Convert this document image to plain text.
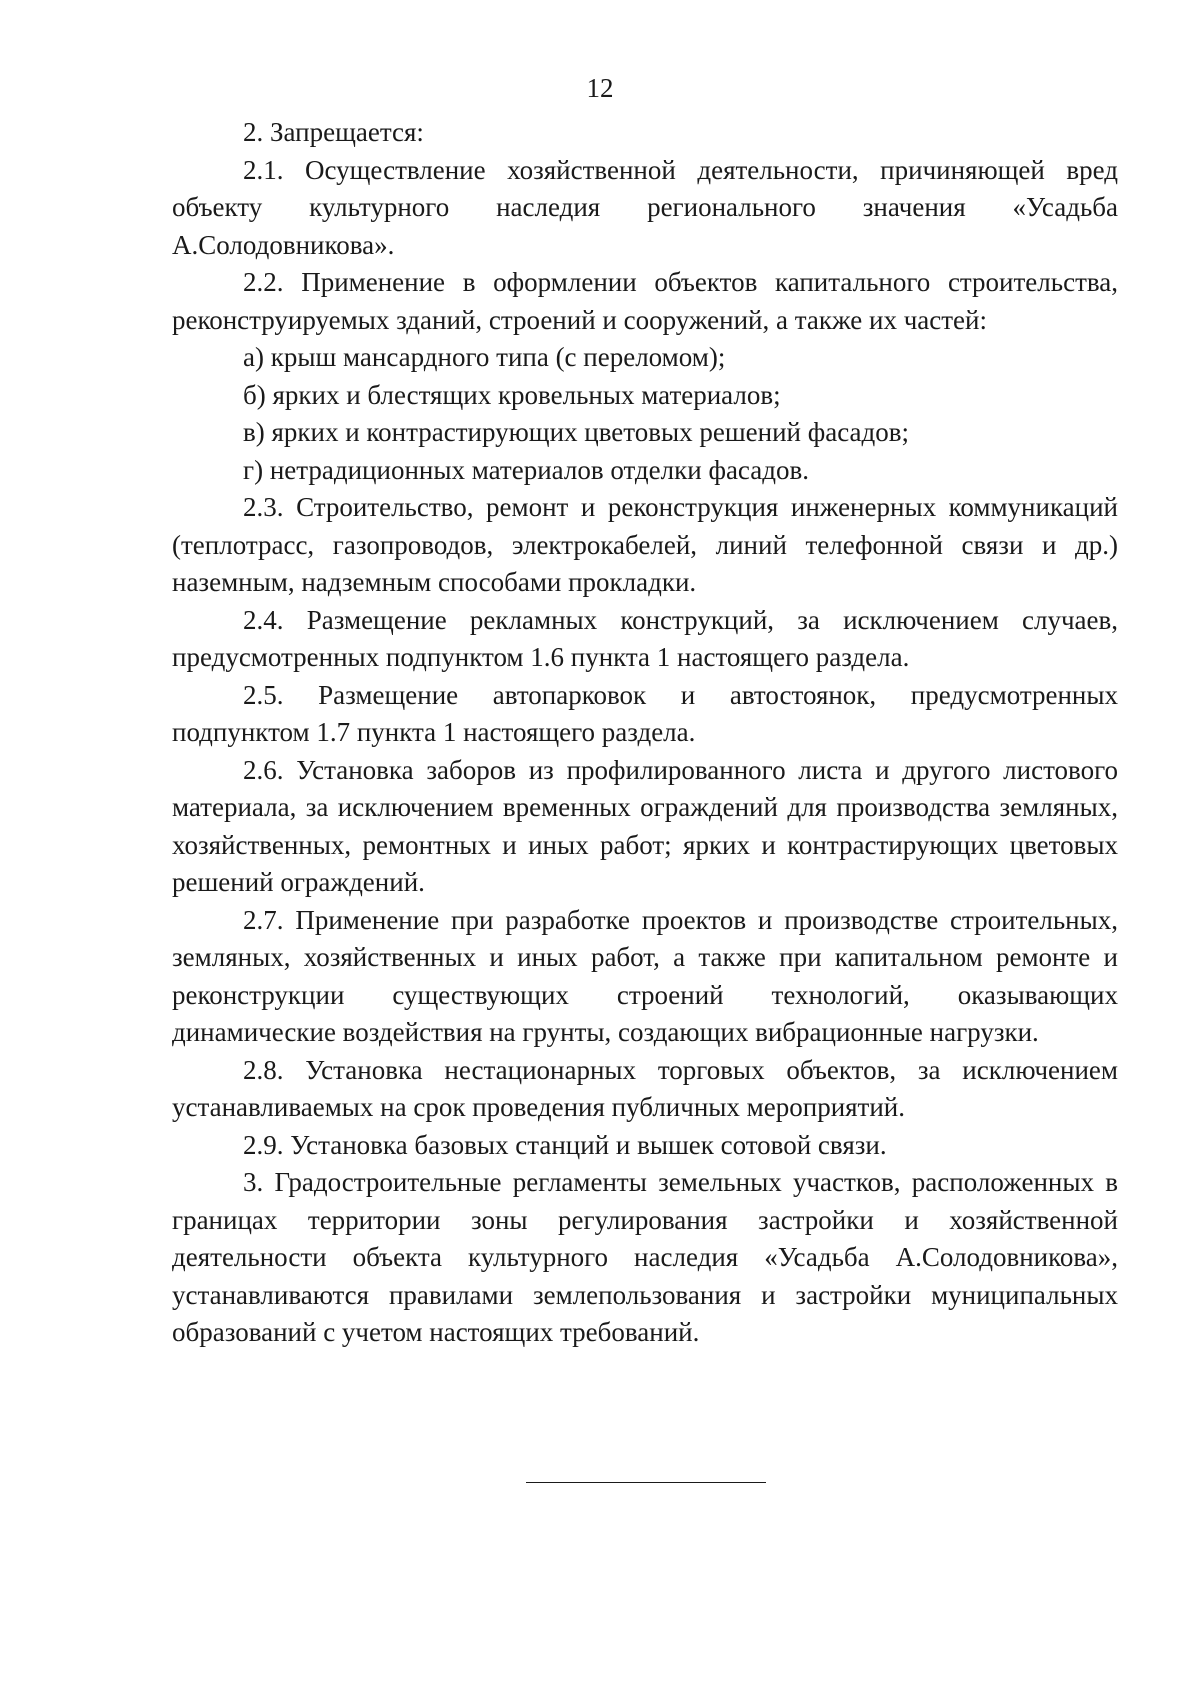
12

2. Запрещается:

2.1. Осуществление хозяйственной деятельности, причиняющей вред объекту культурного наследия регионального значения «Усадьба А.Солодовникова».

2.2. Применение в оформлении объектов капитального строительства, реконструируемых зданий, строений и сооружений, а также их частей:

а) крыш мансардного типа (с переломом);

б) ярких и блестящих кровельных материалов;

в) ярких и контрастирующих цветовых решений фасадов;

г) нетрадиционных материалов отделки фасадов.

2.3. Строительство, ремонт и реконструкция инженерных коммуникаций (теплотрасс, газопроводов, электрокабелей, линий телефонной связи и др.) наземным, надземным способами прокладки.

2.4. Размещение рекламных конструкций, за исключением случаев, предусмотренных подпунктом 1.6 пункта 1 настоящего раздела.

2.5. Размещение автопарковок и автостоянок, предусмотренных подпунктом 1.7 пункта 1 настоящего раздела.

2.6. Установка заборов из профилированного листа и другого листового материала, за исключением временных ограждений для производства земляных, хозяйственных, ремонтных и иных работ; ярких и контрастирующих цветовых решений ограждений.

2.7. Применение при разработке проектов и производстве строительных, земляных, хозяйственных и иных работ, а также при капитальном ремонте и реконструкции существующих строений технологий, оказывающих динамические воздействия на грунты, создающих вибрационные нагрузки.

2.8. Установка нестационарных торговых объектов, за исключением устанавливаемых на срок проведения публичных мероприятий.

2.9. Установка базовых станций и вышек сотовой связи.

3. Градостроительные регламенты земельных участков, расположенных в границах территории зоны регулирования застройки и хозяйственной деятельности объекта культурного наследия «Усадьба А.Солодовникова», устанавливаются правилами землепользования и застройки муниципальных образований с учетом настоящих требований.
